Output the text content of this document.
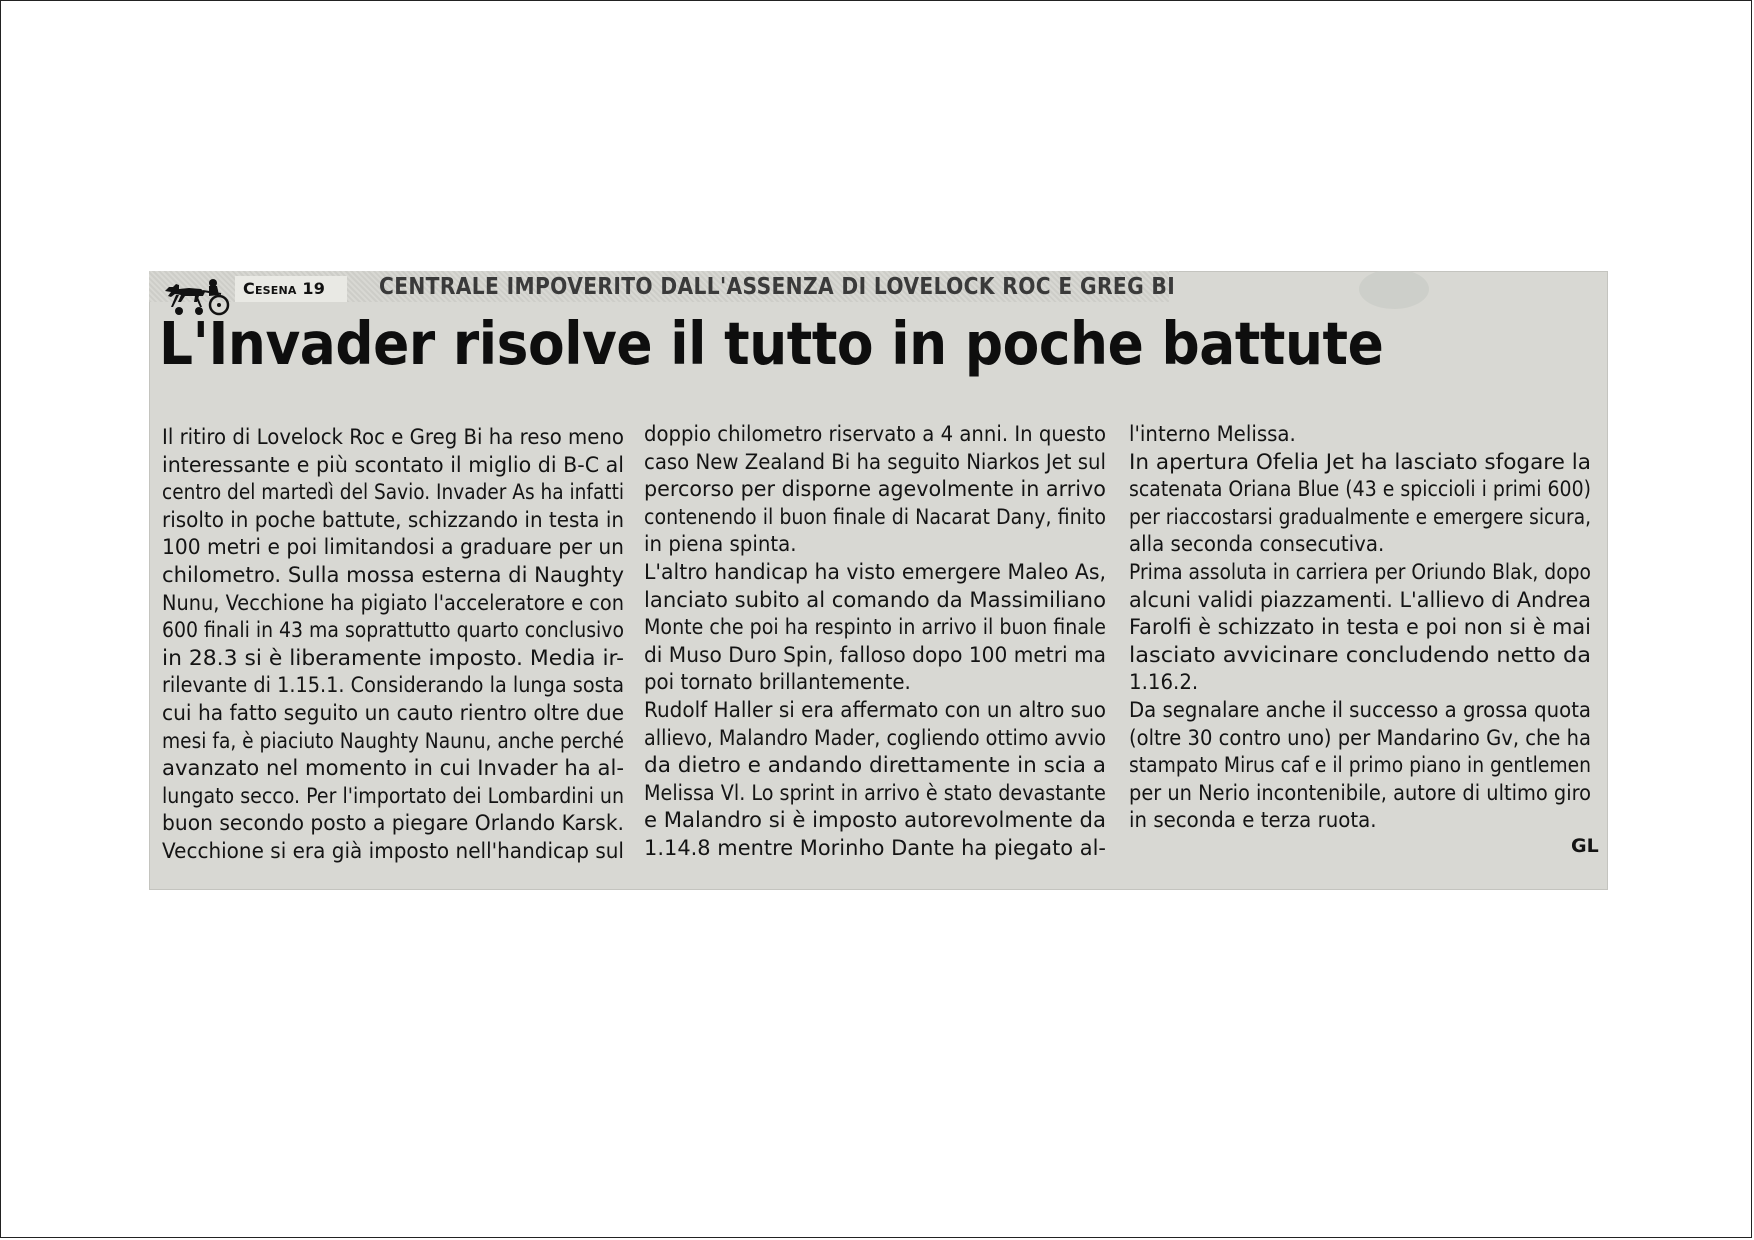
Cesena 19	CENTRALE IMPOVERITO DALL'ASSENZA DI LOVELOCK ROC E GREG BI
L'Invader risolve il tutto in poche battute
Il ritiro di Lovelock Roc e Greg Bi ha reso meno
interessante e più scontato il miglio di B-C al
centro del martedì del Savio. Invader As ha infatti
risolto in poche battute, schizzando in testa in
100 metri e poi limitandosi a graduare per un
chilometro. Sulla mossa esterna di Naughty
Nunu, Vecchione ha pigiato l'acceleratore e con
600 finali in 43 ma soprattutto quarto conclusivo
in 28.3 si è liberamente imposto. Media ir-
rilevante di 1.15.1. Considerando la lunga sosta
cui ha fatto seguito un cauto rientro oltre due
mesi fa, è piaciuto Naughty Naunu, anche perché
avanzato nel momento in cui Invader ha al-
lungato secco. Per l'importato dei Lombardini un
buon secondo posto a piegare Orlando Karsk.
Vecchione si era già imposto nell'handicap sul
doppio chilometro riservato a 4 anni. In questo
caso New Zealand Bi ha seguito Niarkos Jet sul
percorso per disporne agevolmente in arrivo
contenendo il buon finale di Nacarat Dany, finito
in piena spinta.
L'altro handicap ha visto emergere Maleo As,
lanciato subito al comando da Massimiliano
Monte che poi ha respinto in arrivo il buon finale
di Muso Duro Spin, falloso dopo 100 metri ma
poi tornato brillantemente.
Rudolf Haller si era affermato con un altro suo
allievo, Malandro Mader, cogliendo ottimo avvio
da dietro e andando direttamente in scia a
Melissa Vl. Lo sprint in arrivo è stato devastante
e Malandro si è imposto autorevolmente da
1.14.8 mentre Morinho Dante ha piegato al-
l'interno Melissa.
In apertura Ofelia Jet ha lasciato sfogare la
scatenata Oriana Blue (43 e spiccioli i primi 600)
per riaccostarsi gradualmente e emergere sicura,
alla seconda consecutiva.
Prima assoluta in carriera per Oriundo Blak, dopo
alcuni validi piazzamenti. L'allievo di Andrea
Farolfi è schizzato in testa e poi non si è mai
lasciato avvicinare concludendo netto da
1.16.2.
Da segnalare anche il successo a grossa quota
(oltre 30 contro uno) per Mandarino Gv, che ha
stampato Mirus caf e il primo piano in gentlemen
per un Nerio incontenibile, autore di ultimo giro
in seconda e terza ruota.
GL
